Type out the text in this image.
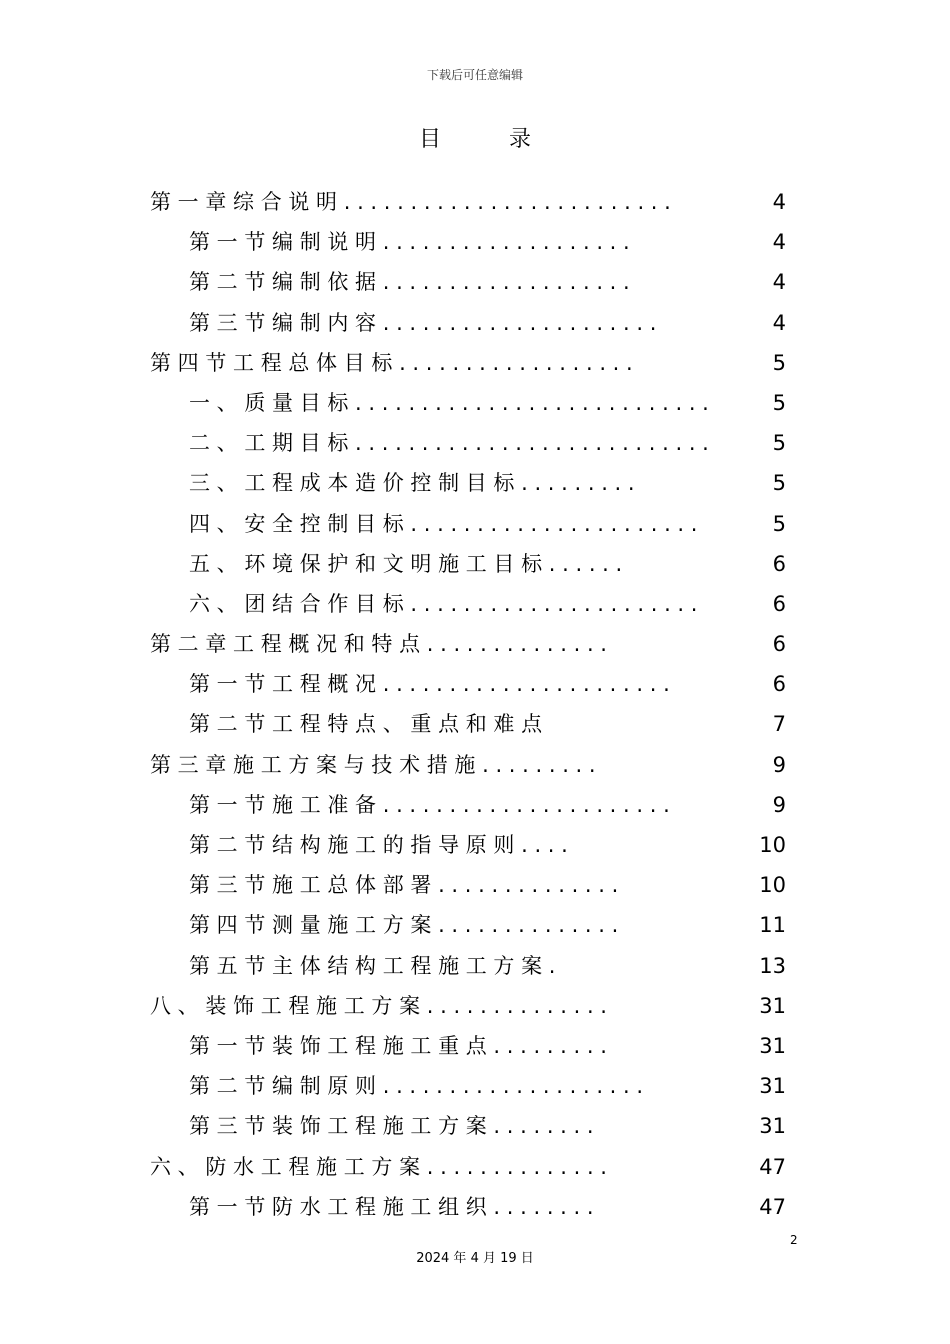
下载后可任意编辑
目录
第 一 章 综 合 说 明 . . . . . . . . . . . . . . . . . . . . . . . . .	4
第 一 节 编 制 说 明 . . . . . . . . . . . . . . . . . . .	4
第 二 节 编 制 依 据 . . . . . . . . . . . . . . . . . . .	4
第 三 节 编 制 内 容 . . . . . . . . . . . . . . . . . . . . .	4
第 四 节 工 程 总 体 目 标 . . . . . . . . . . . . . . . . . .	5
一 、 质 量 目 标 . . . . . . . . . . . . . . . . . . . . . . . . . . .	5
二 、 工 期 目 标 . . . . . . . . . . . . . . . . . . . . . . . . . . .	5
三 、 工 程 成 本 造 价 控 制 目 标 . . . . . . . . .	5
四 、 安 全 控 制 目 标 . . . . . . . . . . . . . . . . . . . . . .	5
五 、 环 境 保 护 和 文 明 施 工 目 标 . . . . . .	6
六 、 团 结 合 作 目 标 . . . . . . . . . . . . . . . . . . . . . .	6
第 二 章 工 程 概 况 和 特 点 . . . . . . . . . . . . . .	6
第 一 节 工 程 概 况 . . . . . . . . . . . . . . . . . . . . . .	6
第 二 节 工 程 特 点 、 重 点 和 难 点	7
第 三 章 施 工 方 案 与 技 术 措 施 . . . . . . . . .	9
第 一 节 施 工 准 备 . . . . . . . . . . . . . . . . . . . . . .	9
第 二 节 结 构 施 工 的 指 导 原 则 . . . .	10
第 三 节 施 工 总 体 部 署 . . . . . . . . . . . . . .	10
第 四 节 测 量 施 工 方 案 . . . . . . . . . . . . . .	11
第 五 节 主 体 结 构 工 程 施 工 方 案 .	13
八 、 装 饰 工 程 施 工 方 案 . . . . . . . . . . . . . .	31
第 一 节 装 饰 工 程 施 工 重 点 . . . . . . . . .	31
第 二 节 编 制 原 则 . . . . . . . . . . . . . . . . . . . .	31
第 三 节 装 饰 工 程 施 工 方 案 . . . . . . . .	31
六 、 防 水 工 程 施 工 方 案 . . . . . . . . . . . . . .	47
第 一 节 防 水 工 程 施 工 组 织 . . . . . . . .	47
2
2024 年 4 月 19 日
